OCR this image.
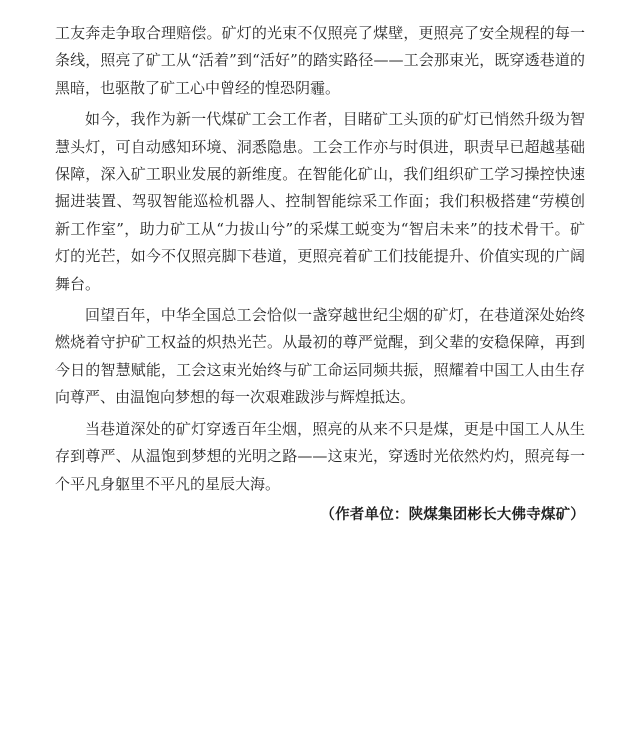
工友奔走争取合理赔偿。矿灯的光束不仅照亮了煤壁，更照亮了安全规程的每一条线，照亮了矿工从“活着”到“活好”的踏实路径——工会那束光，既穿透巷道的黑暗，也驱散了矿工心中曾经的惶恐阴霾。

如今，我作为新一代煤矿工会工作者，目睹矿工头顶的矿灯已悄然升级为智慧头灯，可自动感知环境、洞悉隐患。工会工作亦与时俱进，职责早已超越基础保障，深入矿工职业发展的新维度。在智能化矿山，我们组织矿工学习操控快速掘进装置、驾驭智能巡检机器人、控制智能综采工作面；我们积极搭建“劳模创新工作室”，助力矿工从“力拔山兮”的采煤工蜕变为“智启未来”的技术骨干。矿灯的光芒，如今不仅照亮脚下巷道，更照亮着矿工们技能提升、价值实现的广阔舞台。

回望百年，中华全国总工会恰似一盏穿越世纪尘烟的矿灯，在巷道深处始终燃烧着守护矿工权益的炽热光芒。从最初的尊严觉醒，到父辈的安稳保障，再到今日的智慧赋能，工会这束光始终与矿工命运同频共振，照耀着中国工人由生存向尊严、由温饱向梦想的每一次艰难跋涉与辉煌抵达。

当巷道深处的矿灯穿透百年尘烟，照亮的从来不只是煤，更是中国工人从生存到尊严、从温饱到梦想的光明之路——这束光，穿透时光依然灼灼，照亮每一个平凡身躯里不平凡的星辰大海。

（作者单位：陕煤集团彬长大佛寺煤矿）
